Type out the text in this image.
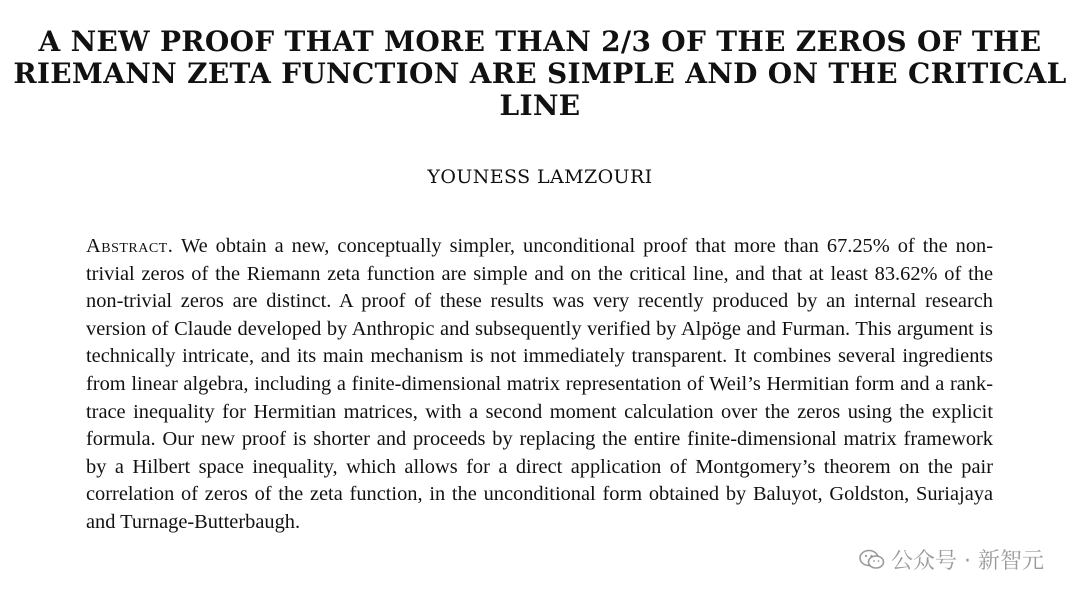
A NEW PROOF THAT MORE THAN 2/3 OF THE ZEROS OF THE RIEMANN ZETA FUNCTION ARE SIMPLE AND ON THE CRITICAL LINE

YOUNESS LAMZOURI

Abstract. We obtain a new, conceptually simpler, unconditional proof that more than 67.25% of the non-trivial zeros of the Riemann zeta function are simple and on the critical line, and that at least 83.62% of the non-trivial zeros are distinct. A proof of these results was very recently produced by an internal research version of Claude developed by Anthropic and subsequently verified by Alpöge and Furman. This argument is technically intricate, and its main mechanism is not immediately transparent. It combines several ingredients from linear algebra, including a finite-dimensional matrix representation of Weil’s Hermitian form and a rank-trace inequality for Hermitian matrices, with a second moment calculation over the zeros using the explicit formula. Our new proof is shorter and proceeds by replacing the entire finite-dimensional matrix framework by a Hilbert space inequality, which allows for a direct application of Montgomery’s theorem on the pair correlation of zeros of the zeta function, in the unconditional form obtained by Baluyot, Goldston, Suriajaya and Turnage-Butterbaugh.

公众号 · 新智元
